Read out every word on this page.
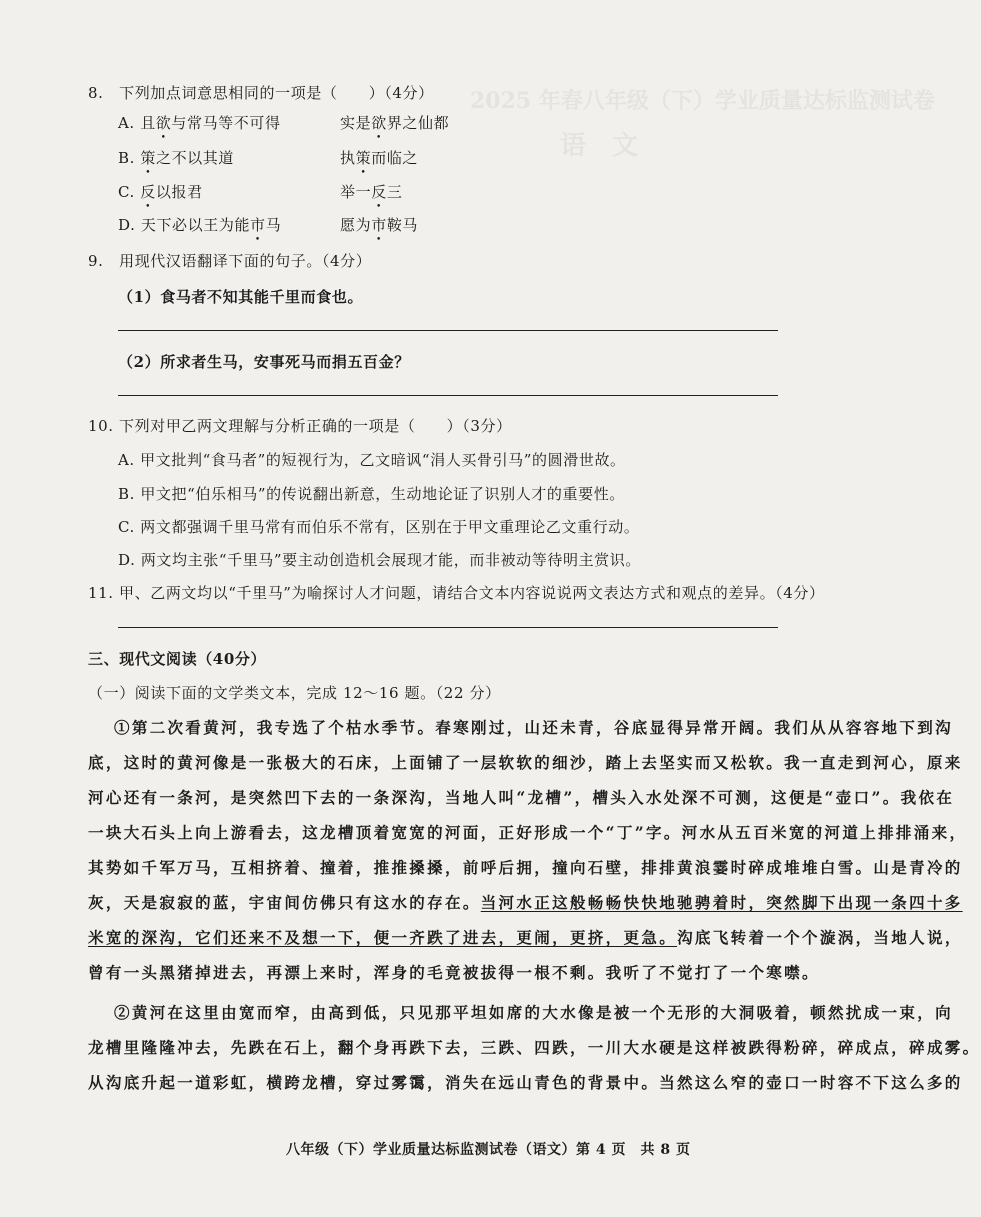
2025 年春八年级（下）学业质量达标监测试卷
语　文
8.　下列加点词意思相同的一项是（　　）（4分）
A. 且欲与常马等不可得	实是欲界之仙都
B. 策之不以其道	执策而临之
C. 反以报君	举一反三
D. 天下必以王为能市马	愿为市鞍马
9.　用现代汉语翻译下面的句子。（4分）
（1）食马者不知其能千里而食也。
（2）所求者生马，安事死马而捐五百金？
10. 下列对甲乙两文理解与分析正确的一项是（　　）（3分）
A. 甲文批判“食马者”的短视行为，乙文暗讽“涓人买骨引马”的圆滑世故。
B. 甲文把“伯乐相马”的传说翻出新意，生动地论证了识别人才的重要性。
C. 两文都强调千里马常有而伯乐不常有，区别在于甲文重理论乙文重行动。
D. 两文均主张“千里马”要主动创造机会展现才能，而非被动等待明主赏识。
11. 甲、乙两文均以“千里马”为喻探讨人才问题，请结合文本内容说说两文表达方式和观点的差异。（4分）
三、现代文阅读（40分）
（一）阅读下面的文学类文本，完成 12～16 题。（22 分）
①第二次看黄河，我专选了个枯水季节。春寒刚过，山还未青，谷底显得异常开阔。我们从从容容地下到沟
底，这时的黄河像是一张极大的石床，上面铺了一层软软的细沙，踏上去坚实而又松软。我一直走到河心，原来
河心还有一条河，是突然凹下去的一条深沟，当地人叫“龙槽”，槽头入水处深不可测，这便是“壶口”。我依在
一块大石头上向上游看去，这龙槽顶着宽宽的河面，正好形成一个“丁”字。河水从五百米宽的河道上排排涌来，
其势如千军万马，互相挤着、撞着，推推搡搡，前呼后拥，撞向石壁，排排黄浪霎时碎成堆堆白雪。山是青冷的
灰，天是寂寂的蓝，宇宙间仿佛只有这水的存在。当河水正这般畅畅快快地驰骋着时，突然脚下出现一条四十多
米宽的深沟，它们还来不及想一下，便一齐跌了进去，更闹，更挤，更急。沟底飞转着一个个漩涡，当地人说，
曾有一头黑猪掉进去，再漂上来时，浑身的毛竟被拔得一根不剩。我听了不觉打了一个寒噤。
②黄河在这里由宽而窄，由高到低，只见那平坦如席的大水像是被一个无形的大洞吸着，顿然扰成一束，向
龙槽里隆隆冲去，先跌在石上，翻个身再跌下去，三跌、四跌，一川大水硬是这样被跌得粉碎，碎成点，碎成雾。
从沟底升起一道彩虹，横跨龙槽，穿过雾霭，消失在远山青色的背景中。当然这么窄的壶口一时容不下这么多的
八年级（下）学业质量达标监测试卷（语文）第 4 页　共 8 页
